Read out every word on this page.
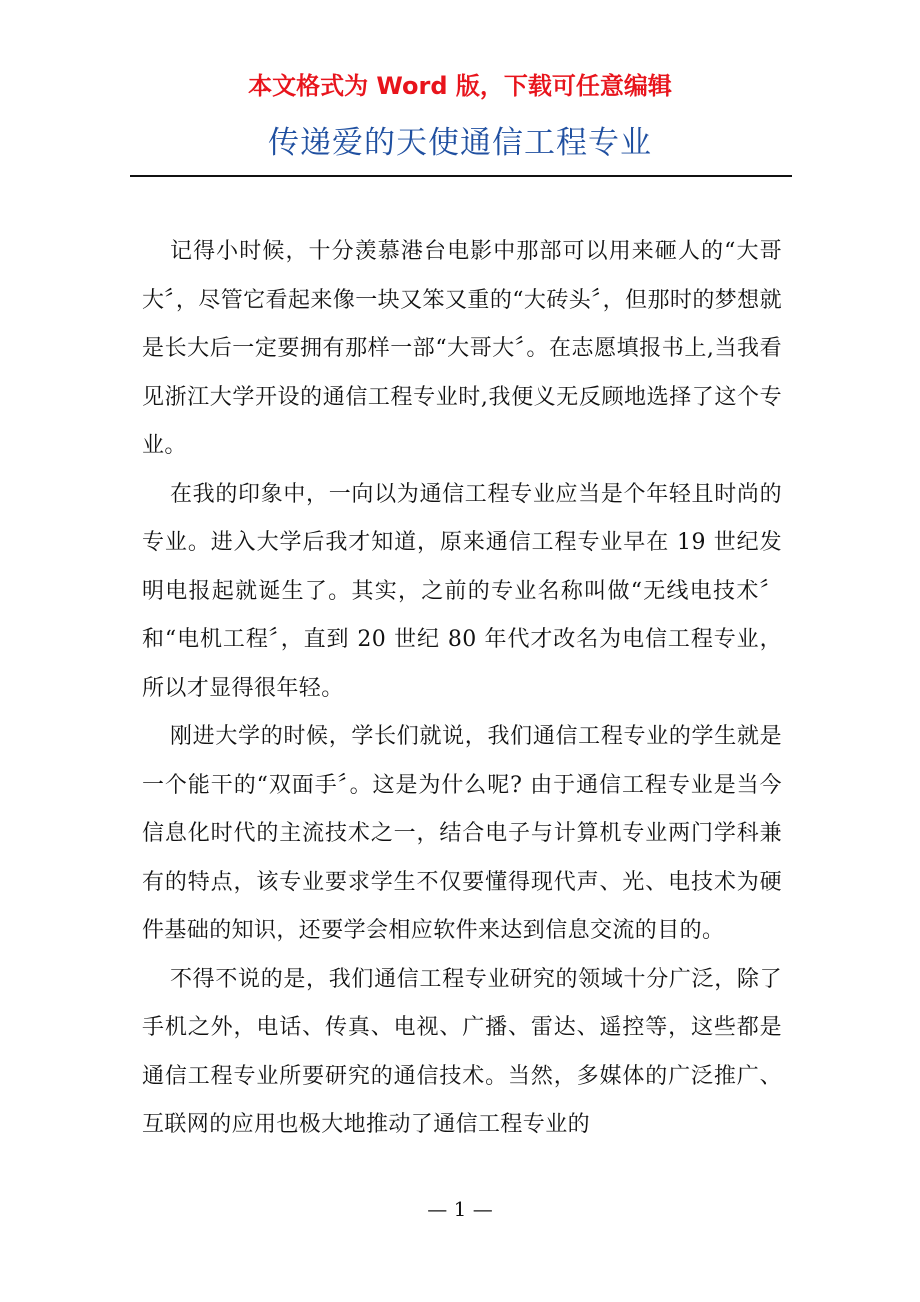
本文格式为 Word 版，下载可任意编辑
传递爱的天使通信工程专业

记得小时候，十分羡慕港台电影中那部可以用来砸人的“大哥大〞，尽管它看起来像一块又笨又重的“大砖头〞，但那时的梦想就是长大后一定要拥有那样一部“大哥大〞。在志愿填报书上,当我看见浙江大学开设的通信工程专业时,我便义无反顾地选择了这个专业。

在我的印象中，一向以为通信工程专业应当是个年轻且时尚的专业。进入大学后我才知道，原来通信工程专业早在 19 世纪发明电报起就诞生了。其实，之前的专业名称叫做“无线电技术〞和“电机工程〞，直到 20 世纪 80 年代才改名为电信工程专业，所以才显得很年轻。

刚进大学的时候，学长们就说，我们通信工程专业的学生就是一个能干的“双面手〞。这是为什么呢? 由于通信工程专业是当今信息化时代的主流技术之一，结合电子与计算机专业两门学科兼有的特点，该专业要求学生不仅要懂得现代声、光、电技术为硬件基础的知识，还要学会相应软件来达到信息交流的目的。

不得不说的是，我们通信工程专业研究的领域十分广泛，除了手机之外，电话、传真、电视、广播、雷达、遥控等，这些都是通信工程专业所要研究的通信技术。当然，多媒体的广泛推广、互联网的应用也极大地推动了通信工程专业的

— 1 —
